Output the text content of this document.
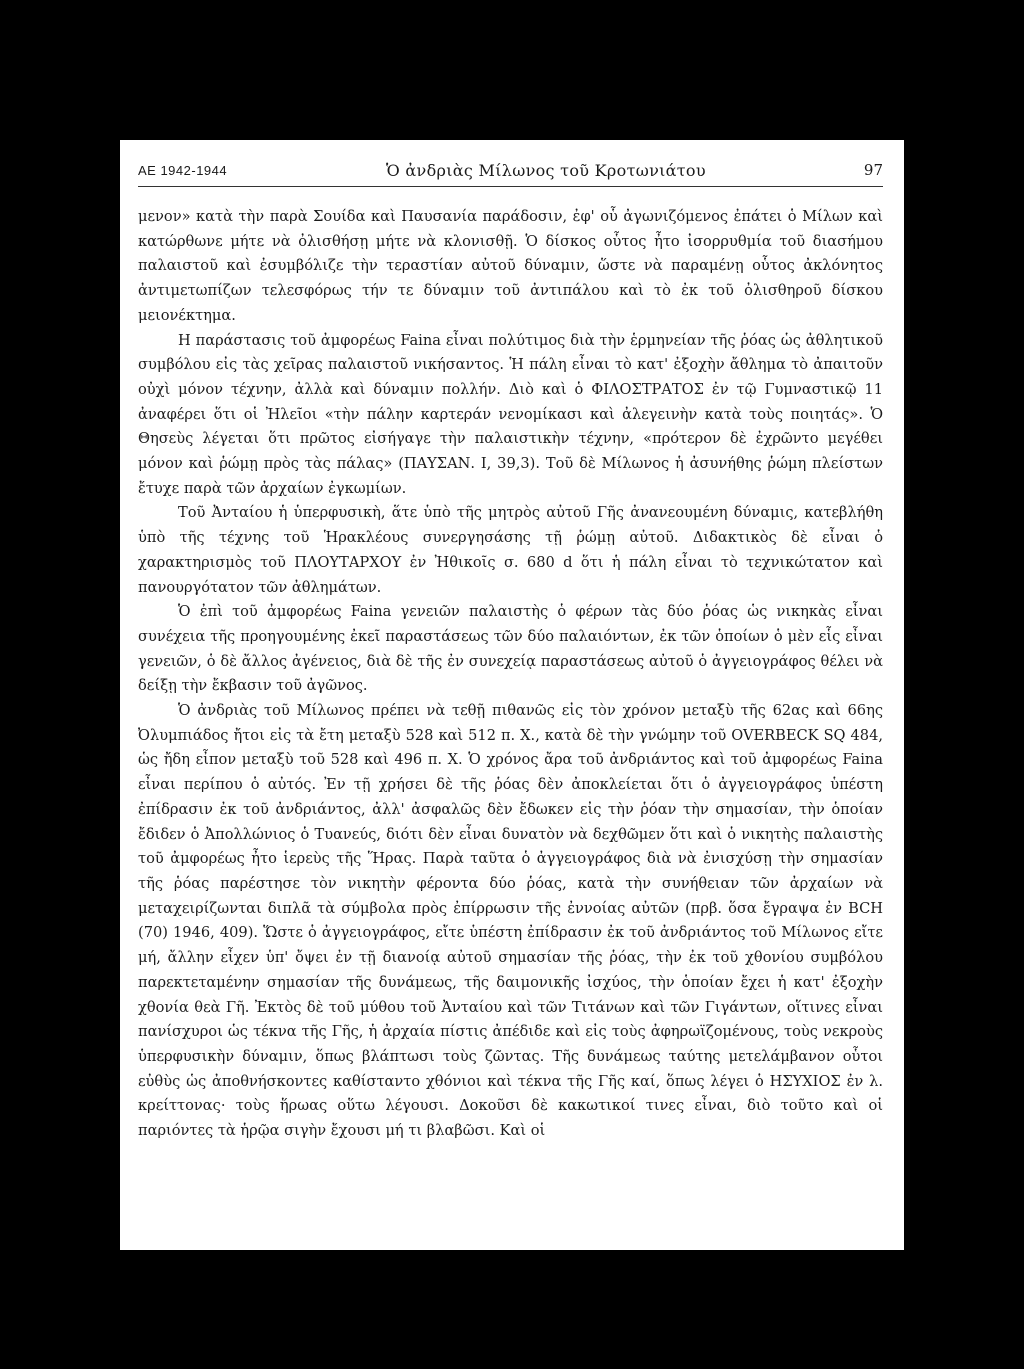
ΑΕ 1942-1944	Ὁ ἀνδριὰς Μίλωνος τοῦ Κροτωνιάτου	97

μενον» κατὰ τὴν παρὰ Σουίδα καὶ Παυσανία παράδοσιν, ἐφ' οὗ ἀγωνιζόμενος ἐπάτει ὁ Μίλων καὶ κατώρθωνε μήτε νὰ ὀλισθήσῃ μήτε νὰ κλονισθῇ. Ὁ δίσκος οὗτος ἦτο ἰσορρυθμία τοῦ διασήμου παλαιστοῦ καὶ ἐσυμβόλιζε τὴν τεραστίαν αὐτοῦ δύναμιν, ὥστε νὰ παραμένῃ οὗτος ἀκλόνητος ἀντιμετωπίζων τελεσφόρως τήν τε δύναμιν τοῦ ἀντιπάλου καὶ τὸ ἐκ τοῦ ὀλισθηροῦ δίσκου μειονέκτημα.

Η παράστασις τοῦ ἀμφορέως Faina εἶναι πολύτιμος διὰ τὴν ἑρμηνείαν τῆς ῥόας ὡς ἀθλητικοῦ συμβόλου εἰς τὰς χεῖρας παλαιστοῦ νικήσαντος. Ἡ πάλη εἶναι τὸ κατ' ἐξοχὴν ἄθλημα τὸ ἀπαιτοῦν οὐχὶ μόνον τέχνην, ἀλλὰ καὶ δύναμιν πολλήν. Διὸ καὶ ὁ ΦΙΛΟΣΤΡΑΤΟΣ ἐν τῷ Γυμναστικῷ 11 ἀναφέρει ὅτι οἱ Ἠλεῖοι «τὴν πάλην καρτεράν νενομίκασι καὶ ἀλεγεινὴν κατὰ τοὺς ποιητάς». Ὁ Θησεὺς λέγεται ὅτι πρῶτος εἰσήγαγε τὴν παλαιστικὴν τέχνην, «πρότερον δὲ ἐχρῶντο μεγέθει μόνον καὶ ῥώμῃ πρὸς τὰς πάλας» (ΠΑΥΣΑΝ. I, 39,3). Τοῦ δὲ Μίλωνος ἡ ἀσυνήθης ῥώμη πλείστων ἔτυχε παρὰ τῶν ἀρχαίων ἐγκωμίων.

Τοῦ Ἀνταίου ἡ ὑπερφυσικὴ, ἅτε ὑπὸ τῆς μητρὸς αὐτοῦ Γῆς ἀνανεουμένη δύναμις, κατεβλήθη ὑπὸ τῆς τέχνης τοῦ Ἡρακλέους συνεργησάσης τῇ ῥώμῃ αὐτοῦ. Διδακτικὸς δὲ εἶναι ὁ χαρακτηρισμὸς τοῦ ΠΛΟΥΤΑΡΧΟΥ ἐν Ἠθικοῖς σ. 680 d ὅτι ἡ πάλη εἶναι τὸ τεχνικώτατον καὶ πανουργότατον τῶν ἀθλημάτων.

Ὁ ἐπὶ τοῦ ἀμφορέως Faina γενειῶν παλαιστὴς ὁ φέρων τὰς δύο ῥόας ὡς νικηκὰς εἶναι συνέχεια τῆς προηγουμένης ἐκεῖ παραστάσεως τῶν δύο παλαιόντων, ἐκ τῶν ὁποίων ὁ μὲν εἷς εἶναι γενειῶν, ὁ δὲ ἄλλος ἀγένειος, διὰ δὲ τῆς ἐν συνεχείᾳ παραστάσεως αὐτοῦ ὁ ἀγγειογράφος θέλει νὰ δείξῃ τὴν ἔκβασιν τοῦ ἀγῶνος.

Ὁ ἀνδριὰς τοῦ Μίλωνος πρέπει νὰ τεθῇ πιθανῶς εἰς τὸν χρόνον μεταξὺ τῆς 62ας καὶ 66ης Ὀλυμπιάδος ἤτοι εἰς τὰ ἔτη μεταξὺ 528 καὶ 512 π. Χ., κατὰ δὲ τὴν γνώμην τοῦ OVERBECK SQ 484, ὡς ἤδη εἶπον μεταξὺ τοῦ 528 καὶ 496 π. Χ. Ὁ χρόνος ἄρα τοῦ ἀνδριάντος καὶ τοῦ ἀμφορέως Faina εἶναι περίπου ὁ αὐτός. Ἐν τῇ χρήσει δὲ τῆς ῥόας δὲν ἀποκλείεται ὅτι ὁ ἀγγειογράφος ὑπέστη ἐπίδρασιν ἐκ τοῦ ἀνδριάντος, ἀλλ' ἀσφαλῶς δὲν ἔδωκεν εἰς τὴν ῥόαν τὴν σημασίαν, τὴν ὁποίαν ἔδιδεν ὁ Ἀπολλώνιος ὁ Τυανεύς, διότι δὲν εἶναι δυνατὸν νὰ δεχθῶμεν ὅτι καὶ ὁ νικητὴς παλαιστὴς τοῦ ἀμφορέως ἦτο ἱερεὺς τῆς Ἥρας. Παρὰ ταῦτα ὁ ἀγγειογράφος διὰ νὰ ἐνισχύσῃ τὴν σημασίαν τῆς ῥόας παρέστησε τὸν νικητὴν φέροντα δύο ῥόας, κατὰ τὴν συνήθειαν τῶν ἀρχαίων νὰ μεταχειρίζωνται διπλᾶ τὰ σύμβολα πρὸς ἐπίρρωσιν τῆς ἐννοίας αὐτῶν (πρβ. ὅσα ἔγραψα ἐν BCH (70) 1946, 409). Ὥστε ὁ ἀγγειογράφος, εἴτε ὑπέστη ἐπίδρασιν ἐκ τοῦ ἀνδριάντος τοῦ Μίλωνος εἴτε μή, ἄλλην εἶχεν ὑπ' ὄψει ἐν τῇ διανοίᾳ αὐτοῦ σημασίαν τῆς ῥόας, τὴν ἐκ τοῦ χθονίου συμβόλου παρεκτεταμένην σημασίαν τῆς δυνάμεως, τῆς δαιμονικῆς ἰσχύος, τὴν ὁποίαν ἔχει ἡ κατ' ἐξοχὴν χθονία θεὰ Γῆ. Ἐκτὸς δὲ τοῦ μύθου τοῦ Ἀνταίου καὶ τῶν Τιτάνων καὶ τῶν Γιγάντων, οἵτινες εἶναι πανίσχυροι ὡς τέκνα τῆς Γῆς, ἡ ἀρχαία πίστις ἀπέδιδε καὶ εἰς τοὺς ἀφηρωϊζομένους, τοὺς νεκροὺς ὑπερφυσικὴν δύναμιν, ὅπως βλάπτωσι τοὺς ζῶντας. Τῆς δυνάμεως ταύτης μετελάμβανον οὗτοι εὐθὺς ὡς ἀποθνήσκοντες καθίσταντο χθόνιοι καὶ τέκνα τῆς Γῆς καί, ὅπως λέγει ὁ ΗΣΥΧΙΟΣ ἐν λ. κρείττονας· τοὺς ἥρωας οὕτω λέγουσι. Δοκοῦσι δὲ κακωτικοί τινες εἶναι, διὸ τοῦτο καὶ οἱ παριόντες τὰ ἡρῷα σιγὴν ἔχουσι μή τι βλαβῶσι. Καὶ οἱ
